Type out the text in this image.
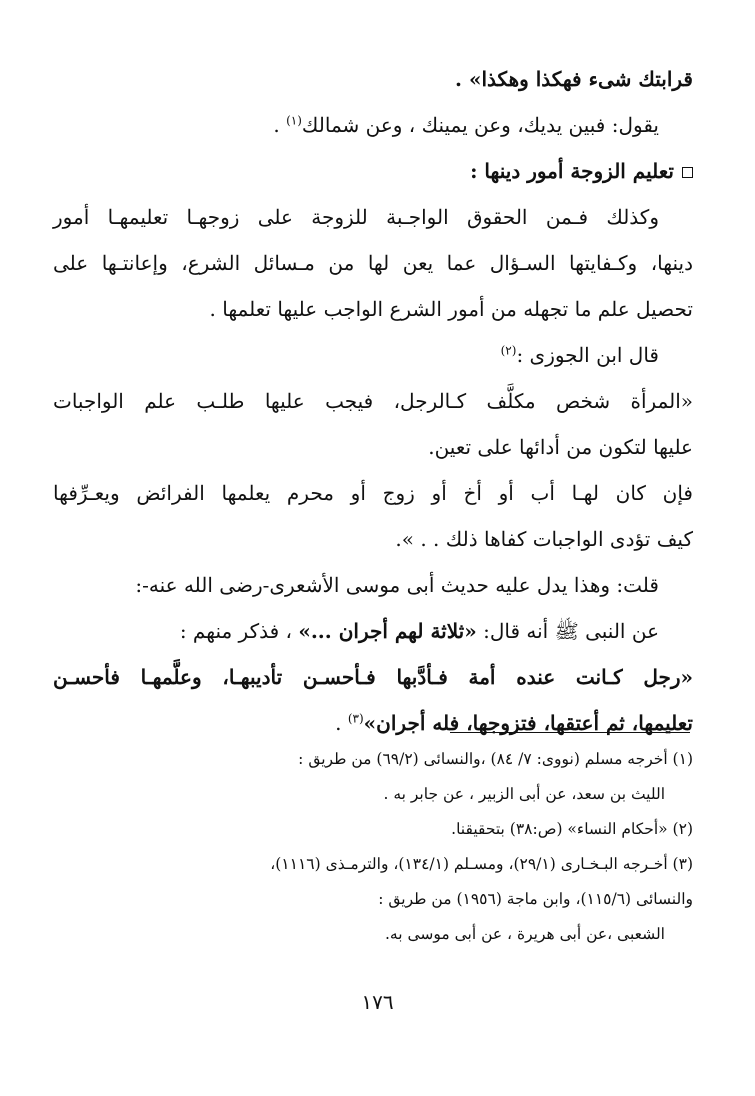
قرابتك شىء فهكذا وهكذا» .

يقول: فبين يديك، وعن يمينك ، وعن شمالك$^{(١)}$ .

تعليم الزوجة أمور دينها :

وكذلك فـمن الحقوق الواجـبة للزوجة على زوجهـا تعليمهـا أمور

دينها، وكـفايتها السـؤال عما يعن لها من مـسائل الشرع، وإعانتـها على

تحصيل علم ما تجهله من أمور الشرع الواجب عليها تعلمها .

قال ابن الجوزى :$^{(٢)}$

«المرأة شخص مكلَّف كـالرجل، فيجب عليها طلـب علم الواجبات

عليها لتكون من أدائها على تعين.

فإن كان لهـا أب أو أخ أو زوج أو محرم يعلمها الفرائض ويعـرِّفها

كيف تؤدى الواجبات كفاها ذلك . . ».

قلت: وهذا يدل عليه حديث أبى موسى الأشعرى-رضى الله عنه-:

عن النبى ﷺ أنه قال: «ثلاثة لهم أجران ...» ، فذكر منهم :

«رجل كـانت عنده أمة فـأدَّبها فـأحسـن تأديبهـا، وعلَّمهـا فأحسـن

تعليمها، ثم أعتقها، فتزوجها، فله أجران»$^{(٣)}$ .

(١) أخرجه مسلم (نووى: ٧/ ٨٤) ،والنسائى (٦٩/٢) من طريق :

الليث بن سعد، عن أبى الزبير ، عن جابر به .

(٢) «أحكام النساء» (ص:٣٨) بتحقيقنا.

(٣) أخـرجه البـخـارى (٢٩/١)، ومسـلم (١٣٤/١)، والترمـذى (١١١٦)،

والنسائى (١١٥/٦)، وابن ماجة (١٩٥٦) من طريق :

الشعبى ،عن أبى هريرة ، عن أبى موسى به.

١٧٦
